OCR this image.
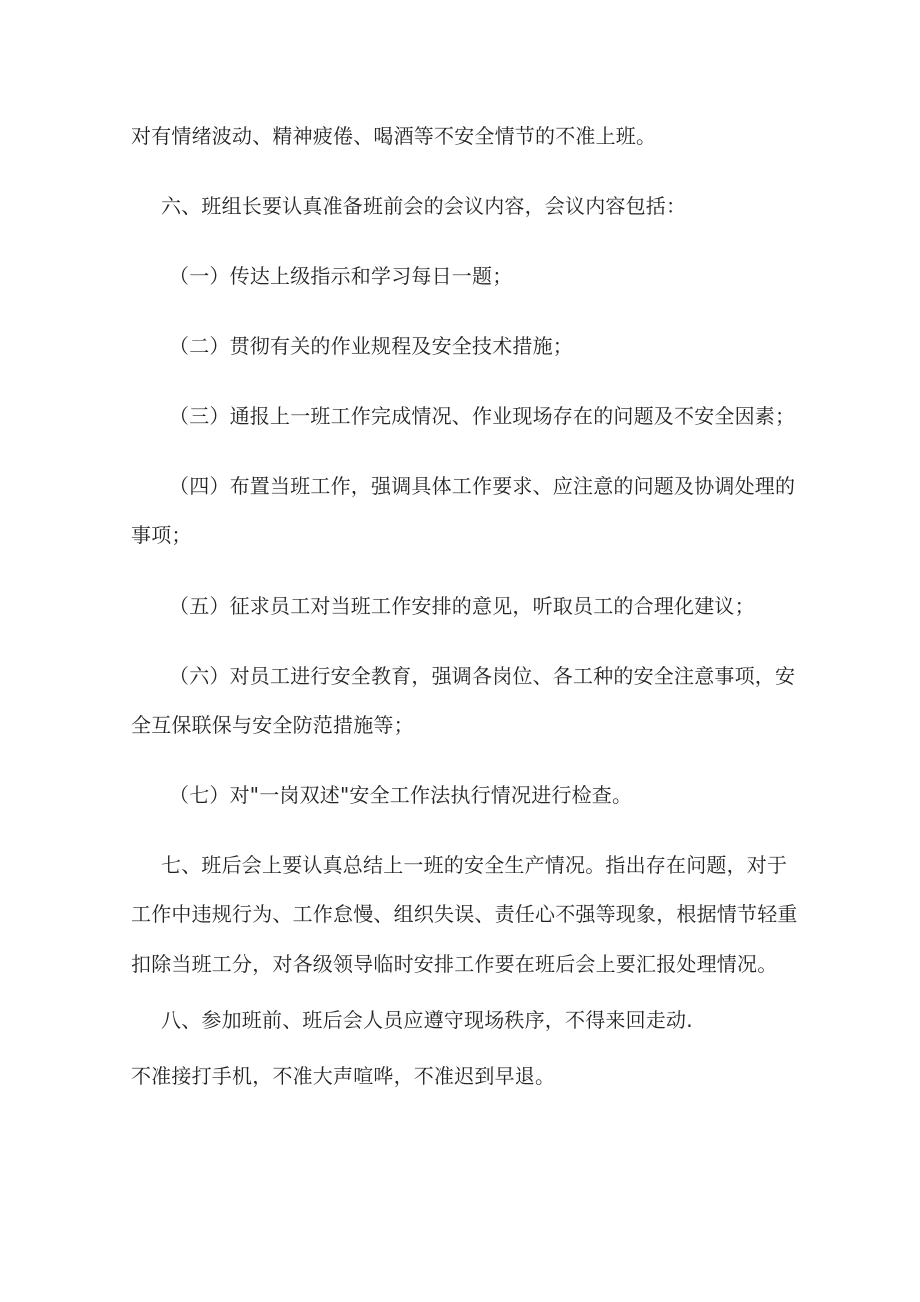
对有情绪波动、精神疲倦、喝酒等不安全情节的不准上班。
六、班组长要认真准备班前会的会议内容，会议内容包括：
（一）传达上级指示和学习每日一题；
（二）贯彻有关的作业规程及安全技术措施；
（三）通报上一班工作完成情况、作业现场存在的问题及不安全因素；
（四）布置当班工作，强调具体工作要求、应注意的问题及协调处理的
事项；
（五）征求员工对当班工作安排的意见，听取员工的合理化建议；
（六）对员工进行安全教育，强调各岗位、各工种的安全注意事项，安
全互保联保与安全防范措施等；
（七）对"一岗双述"安全工作法执行情况进行检查。
七、班后会上要认真总结上一班的安全生产情况。指出存在问题，对于
工作中违规行为、工作怠慢、组织失误、责任心不强等现象，根据情节轻重
扣除当班工分，对各级领导临时安排工作要在班后会上要汇报处理情况。
八、参加班前、班后会人员应遵守现场秩序，不得来回走动.
不准接打手机，不准大声喧哗，不准迟到早退。
